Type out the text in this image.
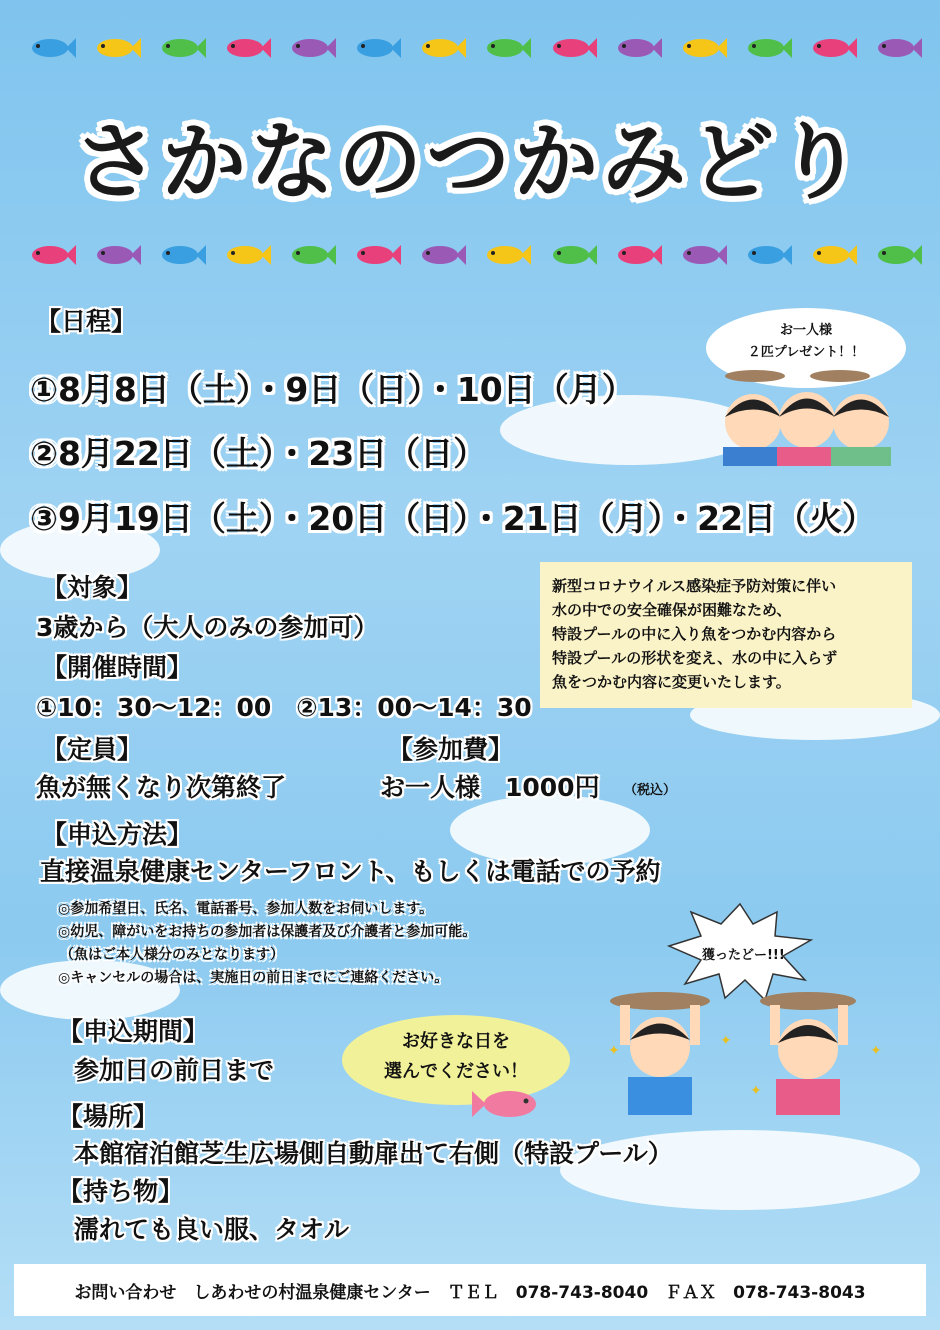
さかなのつかみどり
【日程】
①8月8日（土）・9日（日）・10日（月）
②8月22日（土）・23日（日）
③9月19日（土）・20日（日）・21日（月）・22日（火）
お一人様
２匹プレゼント！！
【対象】
3歳から（大人のみの参加可）
【開催時間】
①10：30～12：00　②13：00～14：30
【定員】
魚が無くなり次第終了
【参加費】
お一人様　1000円 （税込）
新型コロナウイルス感染症予防対策に伴い
水の中での安全確保が困難なため、
特設プールの中に入り魚をつかむ内容から
特設プールの形状を変え、水の中に入らず
魚をつかむ内容に変更いたします。
【申込方法】
直接温泉健康センターフロント、もしくは電話での予約
◎参加希望日、氏名、電話番号、参加人数をお伺いします。
◎幼児、障がいをお持ちの参加者は保護者及び介護者と参加可能。
（魚はご本人様分のみとなります）
◎キャンセルの場合は、実施日の前日までにご連絡ください。
獲ったどー!!!
✦
✦
✦
✦
【申込期間】
参加日の前日まで
お好きな日を
選んでください！
【場所】
本館宿泊館芝生広場側自動扉出て右側（特設プール）
【持ち物】
濡れても良い服、タオル
お問い合わせ　しあわせの村温泉健康センター　ＴＥＬ　078-743-8040　ＦＡＸ　078-743-8043
